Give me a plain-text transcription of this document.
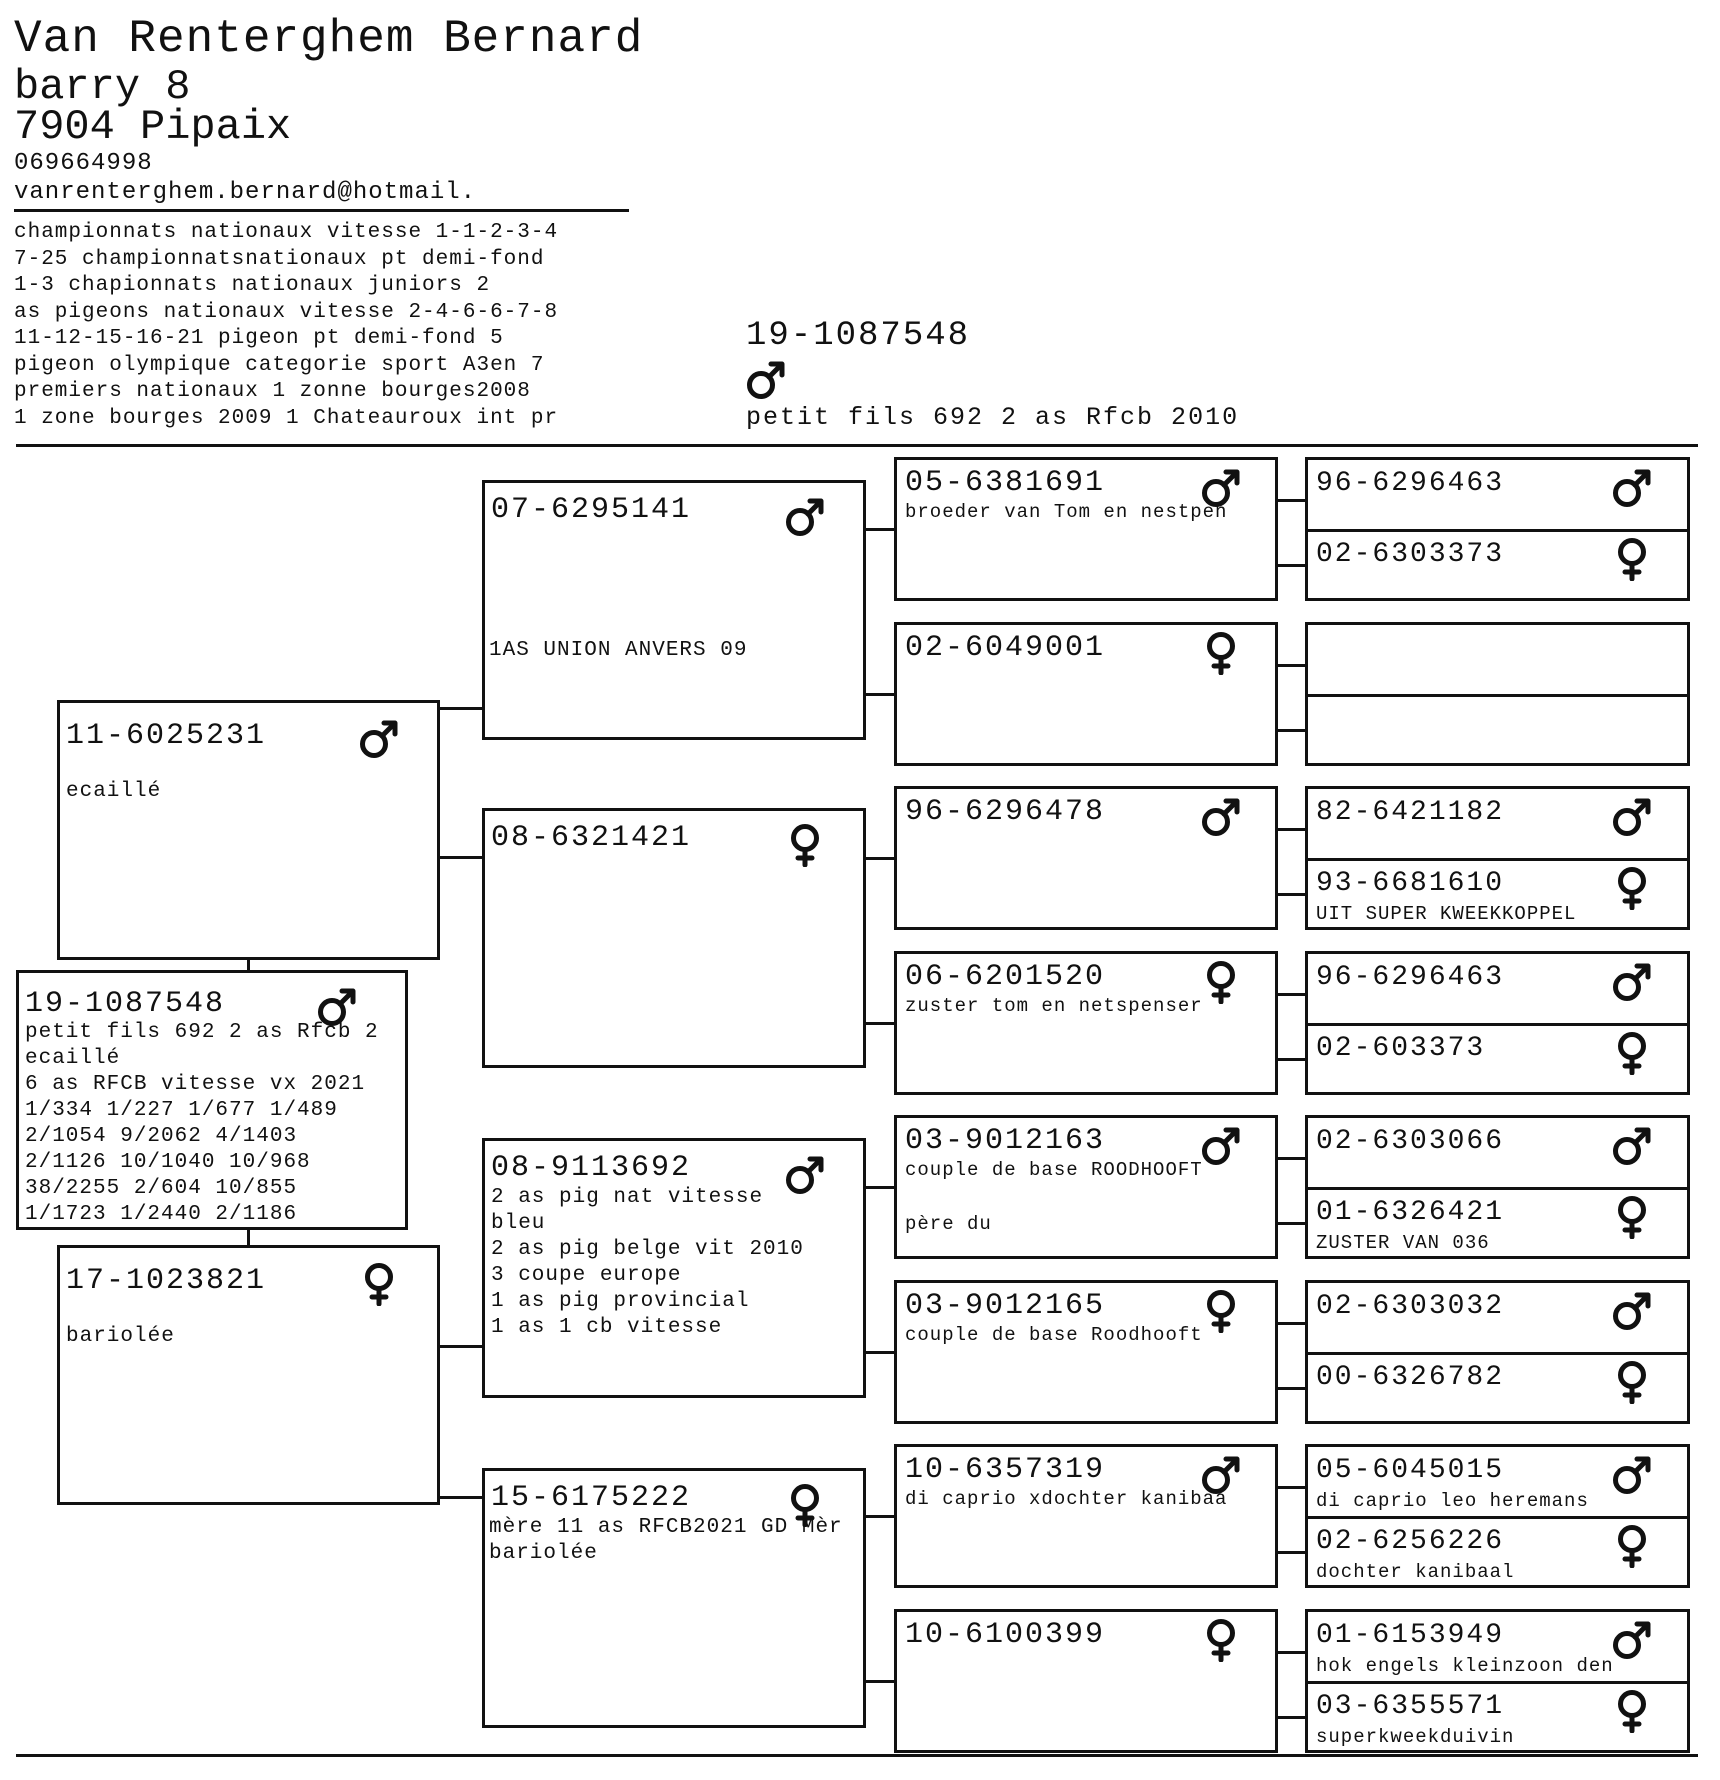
Van Renterghem Bernard
barry 8
7904 Pipaix
069664998
vanrenterghem.bernard@hotmail.
championnats nationaux vitesse 1-1-2-3-4
7-25 championnatsnationaux pt demi-fond
1-3 chapionnats nationaux juniors 2
as pigeons nationaux vitesse 2-4-6-6-7-8
11-12-15-16-21 pigeon pt demi-fond 5
pigeon olympique categorie sport A3en 7
premiers nationaux 1 zonne bourges2008
1 zone bourges 2009 1 Chateauroux int pr
19-1087548
petit fils 692 2 as Rfcb 2010
19-1087548
petit fils 692 2 as Rfcb 2
ecaillé
6 as RFCB vitesse vx 2021
1/334 1/227 1/677 1/489
2/1054 9/2062 4/1403
2/1126 10/1040 10/968
38/2255 2/604 10/855
1/1723 1/2440 2/1186
11-6025231
ecaillé
17-1023821
bariolée
07-6295141
1AS UNION ANVERS 09
08-6321421
08-9113692
2 as pig nat vitesse
bleu
2 as pig belge vit 2010
3 coupe europe
1 as pig provincial
1 as 1 cb vitesse
15-6175222
mère 11 as RFCB2021 GD Mèr
bariolée
05-6381691
broeder van Tom en nestpen
02-6049001
96-6296478
06-6201520
zuster tom en netspenser
03-9012163
couple de base ROODHOOFT
père du
03-9012165
couple de base Roodhooft
10-6357319
di caprio xdochter kanibaa
10-6100399
96-6296463
02-6303373
82-6421182
93-6681610
UIT SUPER KWEEKKOPPEL
96-6296463
02-603373
02-6303066
01-6326421
ZUSTER VAN 036
02-6303032
00-6326782
05-6045015
di caprio leo heremans
02-6256226
dochter kanibaal
01-6153949
hok engels kleinzoon den
03-6355571
superkweekduivin
